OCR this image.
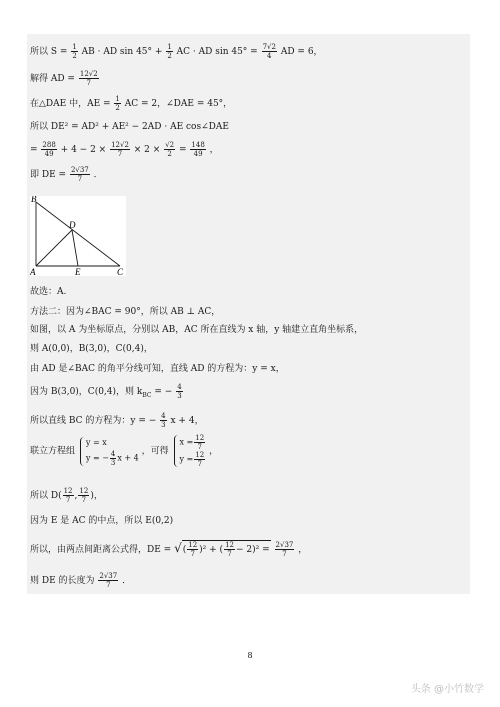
所以 $S = \frac{1}{2}$ AB · AD $\sin 45^\circ + \frac{1}{2}$ AC · AD $\sin 45^\circ = \frac{7√2}{4}$ AD = 6，
解得 AD = $\frac{12√2}{7}$
在△DAE 中，AE = $\frac{1}{2}$ AC = 2，∠DAE = 45°，
所以 DE² = AD² + AE² − 2AD · AE cos∠DAE
= $\frac{288}{49} + 4 - 2 \times \frac{12√2}{7} \times 2 \times \frac{√2}{2} = \frac{148}{49}$ ，
即 DE = $\frac{2√37}{7}$ ．
B
D
A	E	C
故选：A.
方法二：因为∠BAC = 90°，所以 AB ⊥ AC，
如图，以 A 为坐标原点，分别以 AB，AC 所在直线为 x 轴，y 轴建立直角坐标系，
则 A(0,0)，B(3,0)，C(0,4)，
由 AD 是∠BAC 的角平分线可知，直线 AD 的方程为：y = x，
因为 B(3,0)，C(0,4)，则 $k_{BC}$ = − $\frac{4}{3}$
所以直线 BC 的方程为：y = − $\frac{4}{3}$ x + 4，
联立方程组
y = x
y = − $\frac{4}{3}$ x + 4
，可得
$x = \frac{12}{7}$
$y = \frac{12}{7}$ ，
所以 $D( \frac{12}{7}$ , $\frac{12}{7}$ )，
因为 E 是 AC 的中点，所以 E(0,2)
所以，由两点间距离公式得，DE = √( $\frac{12}{7} )^2$ + ( $\frac{12}{7} - 2)^2 = \frac{2√37}{7}$ ，
则 DE 的长度为 $\frac{2√37}{7}$ ．
8
头条 @小竹数学
